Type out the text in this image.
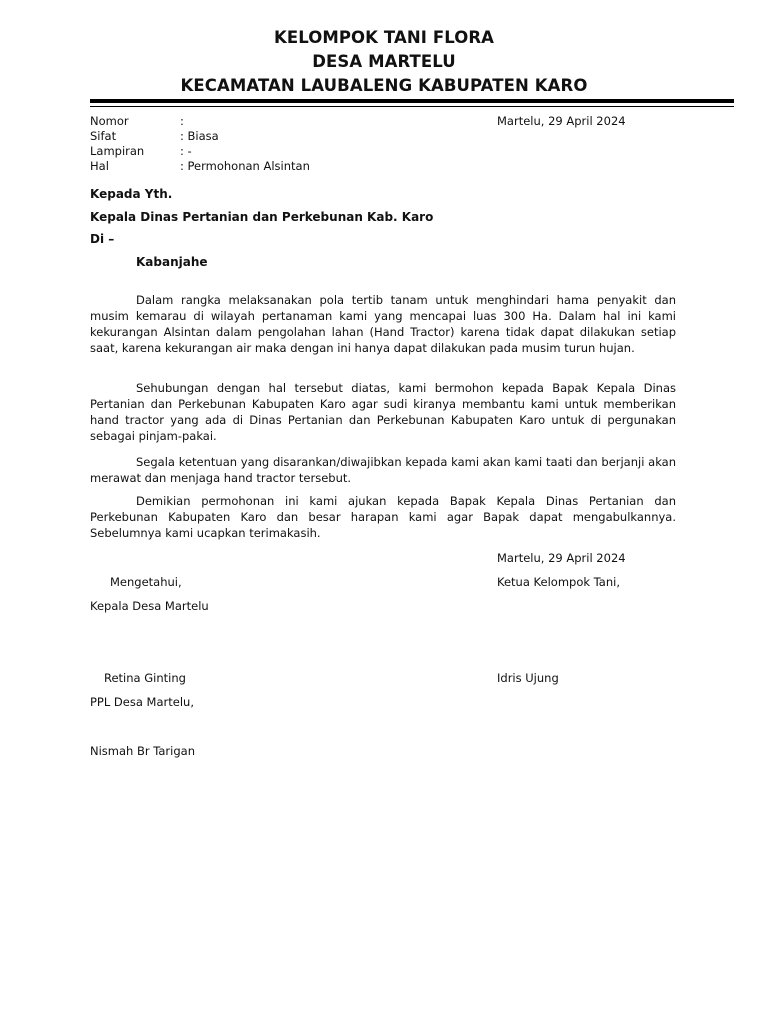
KELOMPOK TANI FLORA
DESA MARTELU
KECAMATAN LAUBALENG KABUPATEN KARO
Nomor	:	Martelu, 29 April 2024
Sifat	: Biasa
Lampiran	: -
Hal	: Permohonan Alsintan
Kepada Yth.
Kepala Dinas Pertanian dan Perkebunan Kab. Karo
Di –
Kabanjahe
Dalam rangka melaksanakan pola tertib tanam untuk menghindari hama penyakit dan musim kemarau di wilayah pertanaman kami yang mencapai luas 300 Ha. Dalam hal ini kami kekurangan Alsintan dalam pengolahan lahan (Hand Tractor) karena tidak dapat dilakukan setiap saat, karena kekurangan air maka dengan ini hanya dapat dilakukan pada musim turun hujan.
Sehubungan dengan hal tersebut diatas, kami bermohon kepada Bapak Kepala Dinas Pertanian dan Perkebunan Kabupaten Karo agar sudi kiranya membantu kami untuk memberikan hand tractor yang ada di Dinas Pertanian dan Perkebunan Kabupaten Karo untuk di pergunakan sebagai pinjam-pakai.
Segala ketentuan yang disarankan/diwajibkan kepada kami akan kami taati dan berjanji akan merawat dan menjaga hand tractor tersebut.
Demikian permohonan ini kami ajukan kepada Bapak Kepala Dinas Pertanian dan Perkebunan Kabupaten Karo dan besar harapan kami agar Bapak dapat mengabulkannya. Sebelumnya kami ucapkan terimakasih.
Martelu, 29 April 2024
Mengetahui,	Ketua Kelompok Tani,
Kepala Desa Martelu
Retina Ginting	Idris Ujung
PPL Desa Martelu,
Nismah Br Tarigan
